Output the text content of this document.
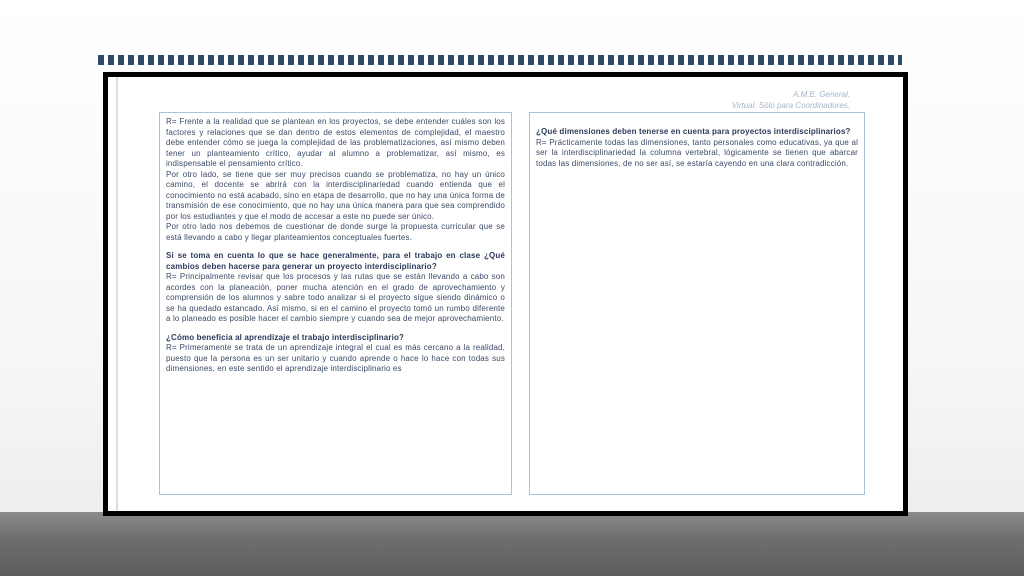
A.M.E. General.
Virtual. Sólo para Coordinadores.

R= Frente a la realidad que se plantean en los proyectos, se debe entender cuáles son los factores y relaciones que se dan dentro de estos elementos de complejidad, el maestro debe entender cómo se juega la complejidad de las problematizaciones, así mismo deben tener un planteamiento crítico, ayudar al alumno a problematizar, así mismo, es indispensable el pensamiento crítico.

Por otro lado, se tiene que ser muy precisos cuando se problematiza, no hay un único camino, el docente se abrirá con la interdisciplinariedad cuando entienda que el conocimiento no está acabado, sino en etapa de desarrollo, que no hay una única forma de transmisión de ese conocimiento, que no hay una única manera para que sea comprendido por los estudiantes y que el modo de accesar a este no puede ser único.

Por otro lado nos debemos de cuestionar de donde surge la propuesta curricular que se está llevando a cabo y llegar planteamientos conceptuales fuertes.

Si se toma en cuenta lo que se hace generalmente, para el trabajo en clase ¿Qué cambios deben hacerse para generar un proyecto interdisciplinario?

R= Principalmente revisar que los procesos y las rutas que se están llevando a cabo son acordes con la planeación, poner mucha atención en el grado de aprovechamiento y comprensión de los alumnos y sabre todo analizar si el proyecto sigue siendo dinámico o se ha quedado estancado. Así mismo, si en el camino el proyecto tomó un rumbo diferente a lo planeado es posible hacer el cambio siempre y cuando sea de mejor aprovechamiento.

¿Cómo beneficia al aprendizaje el trabajo interdisciplinario?

R= Primeramente se trata de un aprendizaje integral el cual es más cercano a la realidad, puesto que la persona es un ser unitario y cuando aprende o hace lo hace con todas sus dimensiones, en este sentido el aprendizaje interdisciplinario es

¿Qué dimensiones deben tenerse en cuenta para proyectos interdisciplinarios?

R= Prácticamente todas las dimensiones, tanto personales como educativas, ya que al ser la interdisciplinariedad la columna vertebral, lógicamente se tienen que abarcar todas las dimensiones, de no ser así, se estaría cayendo en una clara contradicción.
